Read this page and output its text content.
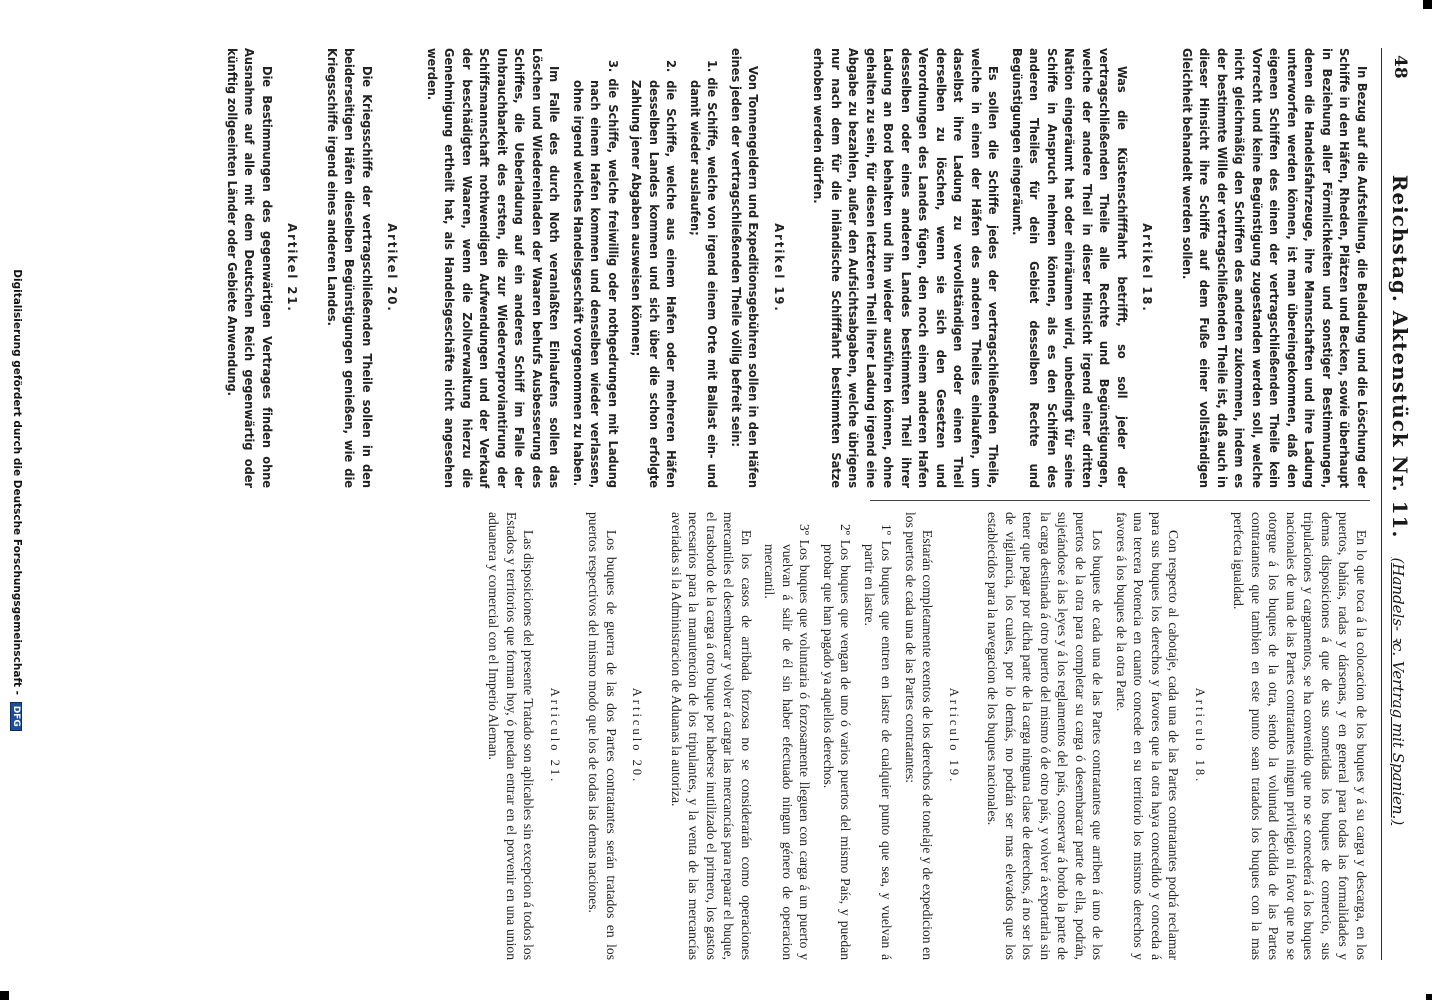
48
Reichstag. Aktenstück Nr. 11. (Handels- ꝛc. Vertrag mit Spanien.)

In Bezug auf die Aufstellung, die Beladung und die Löschung der Schiffe in den Häfen, Rheden, Plätzen und Becken, sowie überhaupt in Beziehung aller Förmlichkeiten und sonstiger Bestimmungen, denen die Handelsfahrzeuge, ihre Mannschaften und ihre Ladung unterworfen werden können, ist man übereingekommen, daß den eigenen Schiffen des einen der vertragschließenden Theile kein Vorrecht und keine Begünstigung zugestanden werden soll, welche nicht gleichmäßig den Schiffen des anderen zukommen, indem es der bestimmte Wille der vertragschließenden Theile ist, daß auch in dieser Hinsicht ihre Schiffe auf dem Fuße einer vollständigen Gleichheit behandelt werden sollen.

Artikel 18.

Was die Küstenschifffahrt betrifft, so soll jeder der vertragschließenden Theile alle Rechte und Begünstigungen, welche der andere Theil in dieser Hinsicht irgend einer dritten Nation eingeräumt hat oder einräumen wird, unbedingt für seine Schiffe in Anspruch nehmen können, als es den Schiffen des anderen Theiles für dein Gebiet desselben Rechte und Begünstigungen eingeräumt.

Es sollen die Schiffe jedes der vertragschließenden Theile, welche in einen der Häfen des anderen Theiles einlaufen, um daselbst ihre Ladung zu vervollständigen oder einen Theil derselben zu löschen, wenn sie sich den Gesetzen und Verordnungen des Landes fügen, den noch einem anderen Hafen desselben oder eines anderen Landes bestimmten Theil ihrer Ladung an Bord behalten und ihn wieder ausführen können, ohne gehalten zu sein, für diesen letzteren Theil ihrer Ladung irgend eine Abgabe zu bezahlen, außer den Aufsichtsabgaben, welche übrigens nur nach dem für die inländische Schifffahrt bestimmten Satze erhoben werden dürfen.

Artikel 19.

Von Tonnengeldern und Expeditionsgebühren sollen in den Häfen eines jeden der vertragschließenden Theile völlig befreit sein:

1. die Schiffe, welche von irgend einem Orte mit Ballast ein- und damit wieder auslaufen;

2. die Schiffe, welche aus einem Hafen oder mehreren Häfen desselben Landes kommen und sich über die schon erfolgte Zahlung jener Abgaben ausweisen können;

3. die Schiffe, welche freiwillig oder nothgedrungen mit Ladung nach einem Hafen kommen und denselben wieder verlassen, ohne irgend welches Handelsgeschäft vorgenommen zu haben.

Im Falle des durch Noth veranlaßten Einlaufens sollen das Löschen und Wiedereinladen der Waaren behufs Ausbesserung des Schiffes, die Ueberladung auf ein anderes Schiff im Falle der Unbrauchbarkeit des ersten, die zur Wiederverproviantirung der Schiffsmannschaft nothwendigen Aufwendungen und der Verkauf der beschädigten Waaren, wenn die Zollverwaltung hierzu die Genehmigung ertheilt hat, als Handelsgeschäfte nicht angesehen werden.

Artikel 20.

Die Kriegsschiffe der vertragschließenden Theile sollen in den beiderseitigen Häfen dieselben Begünstigungen genießen, wie die Kriegsschiffe irgend eines anderen Landes.

Artikel 21.

Die Bestimmungen des gegenwärtigen Vertrages finden ohne Ausnahme auf alle mit dem Deutschen Reich gegenwärtig oder künftig zollgeeinten Länder oder Gebiete Anwendung.

En lo que toca á la colocacion de los buques y á su carga y descarga, en los puertos, bahías, radas y dársenas, y en general para todas las formalidades y demas disposiciones á que de sus sometidas los buques de comercio, sus tripulaciones y cargamentos, se ha convenido que no se concederá á los buques nacionales de una de las Partes contratantes ningun privilegio ni favor que no se otorgue á los buques de la otra, siendo la voluntad decidida de las Partes contratantes que tambien en este punto sean tratados los buques con la mas perfecta igualdad.

Articulo 18.

Con respecto al cabotaje, cada una de las Partes contratantes podrá reclamar para sus buques los derechos y favores que la otra haya concedido y conceda á una tercera Potencia en cuanto concede en su territorio los mismos derechos y favores á los buques de la otra Parte.

Los buques de cada una de las Partes contratantes que arriben á uno de los puertos de la otra para completar su carga ó desembarcar parte de ella, podrán, sujetándose á las leyes y á los reglamentos del país, conservar á bordo la parte de la carga destinada á otro puerto del mismo ó de otro país, y volver á exportarla sin tener que pagar por dicha parte de la carga ninguna clase de derechos, á no ser los de vigilancia, los cuales, por lo demás, no podrán ser mas elevados que los establecidos para la navegacion de los buques nacionales.

Articulo 19.

Estarán completamente exentos de los derechos de tonelaje y de expedicion en los puertos de cada una de las Partes contratantes:

1º Los buques que entren en lastre de cualquier punto que sea, y vuelvan á partir en lastre.

2º Los buques que vengan de uno ó varios puertos del mismo País, y puedan probar que han pagado ya aquellos derechos.

3º Los buques que voluntaria ó forzosamente lleguen con carga á un puerto y vuelvan á salir de él sin haber efectuado ningun género de operacion mercantil.

En los casos de arribada forzosa no se considerarán como operaciones mercantiles el desembarcar y volver á cargar las mercancías para reparar el buque, el trasbordo de la carga á otro buque por haberse inutilizado el primero, los gastos necesarios para la manutencion de los tripulantes, y la venta de las mercancías averiadas si la Administracion de Aduanas la autoriza.

Articulo 20.

Los buques de guerra de las dos Partes contratantes serán tratados en los puertos respectivos del mismo modo que los de todas las demas naciones.

Articulo 21.

Las disposiciones del presente Tratado son aplicables sin excepcion á todos los Estados y territorios que forman hoy, ó puedan entrar en el porvenir en una union aduanera y comercial con el Imperio Aleman.

Digitalisierung gefördert durch die Deutsche Forschungsgemeinschaft - DFG
